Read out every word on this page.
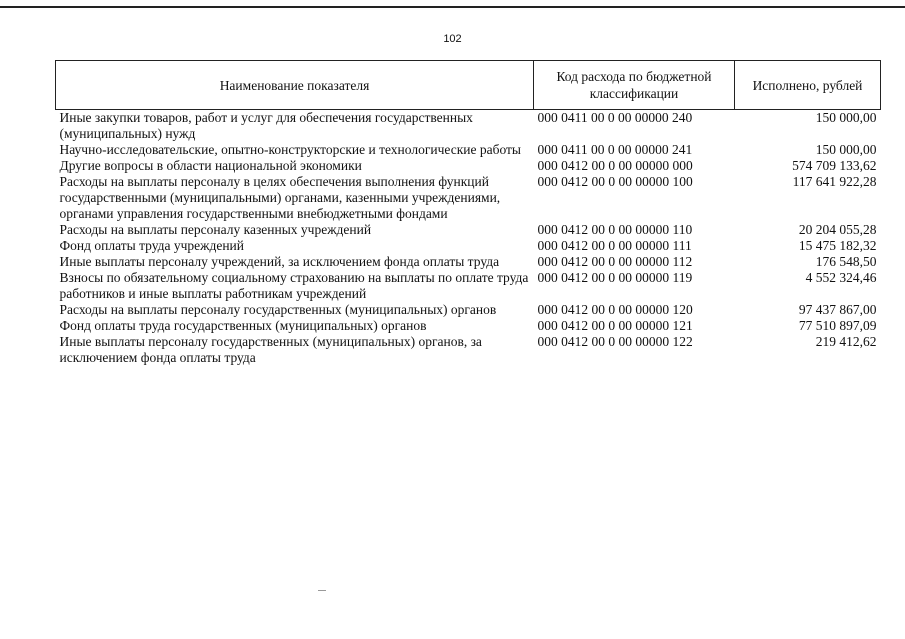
102
Наименование показателя	Код расхода по бюджетной классификации	Исполнено, рублей
Иные закупки товаров, работ и услуг для обеспечения государственных (муниципальных) нужд	000 0411 00 0 00 00000 240	150 000,00
Научно-исследовательские, опытно-конструкторские и технологические работы	000 0411 00 0 00 00000 241	150 000,00
Другие вопросы в области национальной экономики	000 0412 00 0 00 00000 000	574 709 133,62
Расходы на выплаты персоналу в целях обеспечения выполнения функций государственными (муниципальными) органами, казенными учреждениями, органами управления государственными внебюджетными фондами	000 0412 00 0 00 00000 100	117 641 922,28
Расходы на выплаты персоналу казенных учреждений	000 0412 00 0 00 00000 110	20 204 055,28
Фонд оплаты труда учреждений	000 0412 00 0 00 00000 111	15 475 182,32
Иные выплаты персоналу учреждений, за исключением фонда оплаты труда	000 0412 00 0 00 00000 112	176 548,50
Взносы по обязательному социальному страхованию на выплаты по оплате труда работников и иные выплаты работникам учреждений	000 0412 00 0 00 00000 119	4 552 324,46
Расходы на выплаты персоналу государственных (муниципальных) органов	000 0412 00 0 00 00000 120	97 437 867,00
Фонд оплаты труда государственных (муниципальных) органов	000 0412 00 0 00 00000 121	77 510 897,09
Иные выплаты персоналу государственных (муниципальных) органов, за исключением фонда оплаты труда	000 0412 00 0 00 00000 122	219 412,62
